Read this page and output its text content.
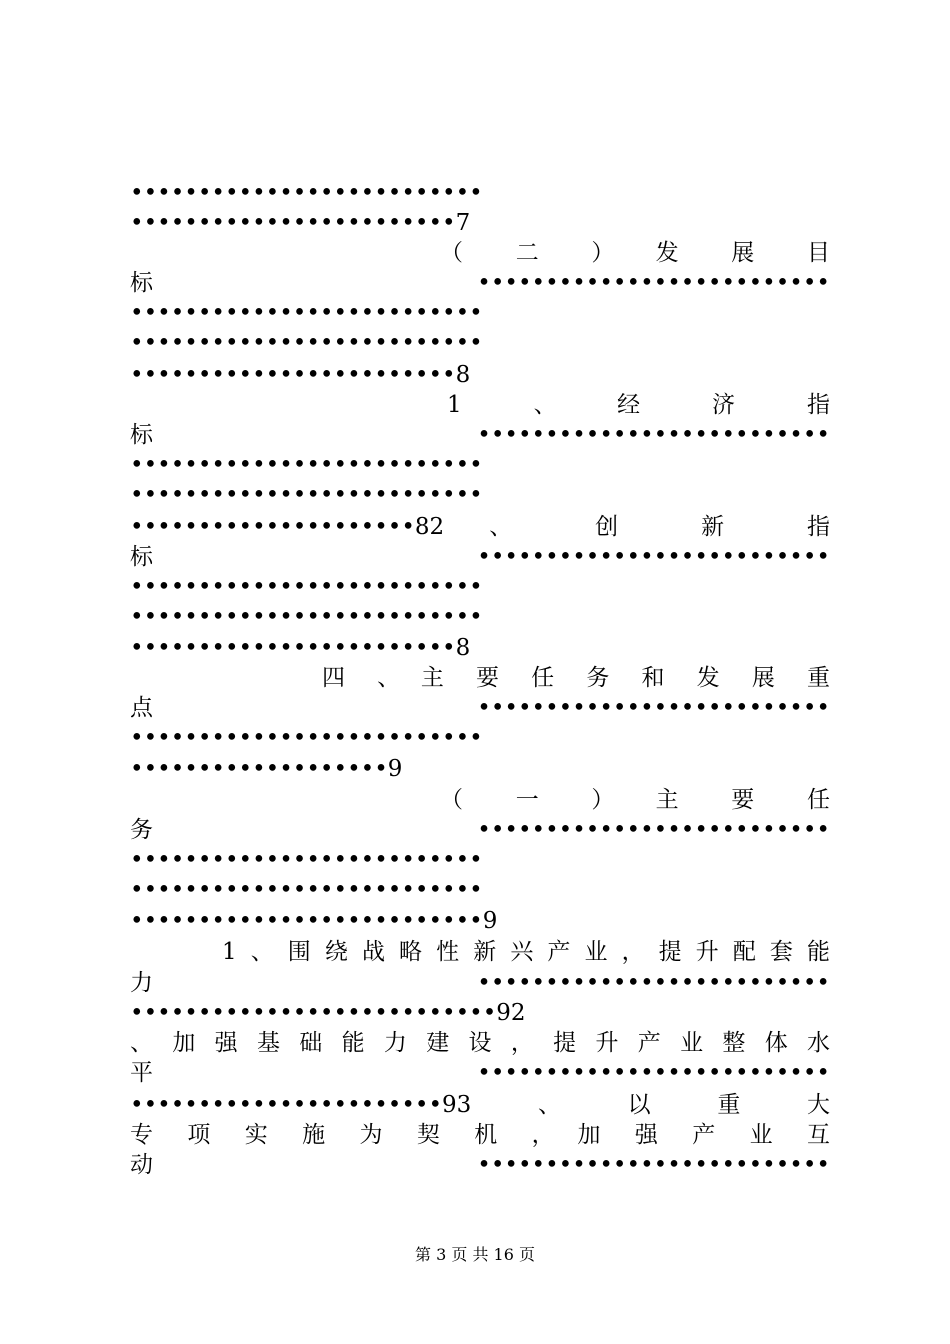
••••••••••••••••••••••••••
••••••••••••••••••••••••7
（　　二　　）　　发　　展　　目
标••••••••••••••••••••••••••
••••••••••••••••••••••••••
••••••••••••••••••••••••••
••••••••••••••••••••••••8
1　　、　　经　　济　　指
标••••••••••••••••••••••••••
••••••••••••••••••••••••••
••••••••••••••••••••••••••
•••••••••••••••••••••82 、 创 新 指
标••••••••••••••••••••••••••
••••••••••••••••••••••••••
••••••••••••••••••••••••••
••••••••••••••••••••••••8
四　、　主　要　任　务　和　发　展　重
点••••••••••••••••••••••••••
••••••••••••••••••••••••••
•••••••••••••••••••9
（　　一　　）　　主　　要　　任
务••••••••••••••••••••••••••
••••••••••••••••••••••••••
••••••••••••••••••••••••••
••••••••••••••••••••••••••9
1、围绕战略性新兴产业，提升配套能
力••••••••••••••••••••••••••
•••••••••••••••••••••••••••92
、加强基础能力建设，提升产业整体水
平••••••••••••••••••••••••••
•••••••••••••••••••••••93、以重大
专　项　实　施　为　契　机　，　加　强　产　业　互
动••••••••••••••••••••••••••
第 3 页 共 16 页
